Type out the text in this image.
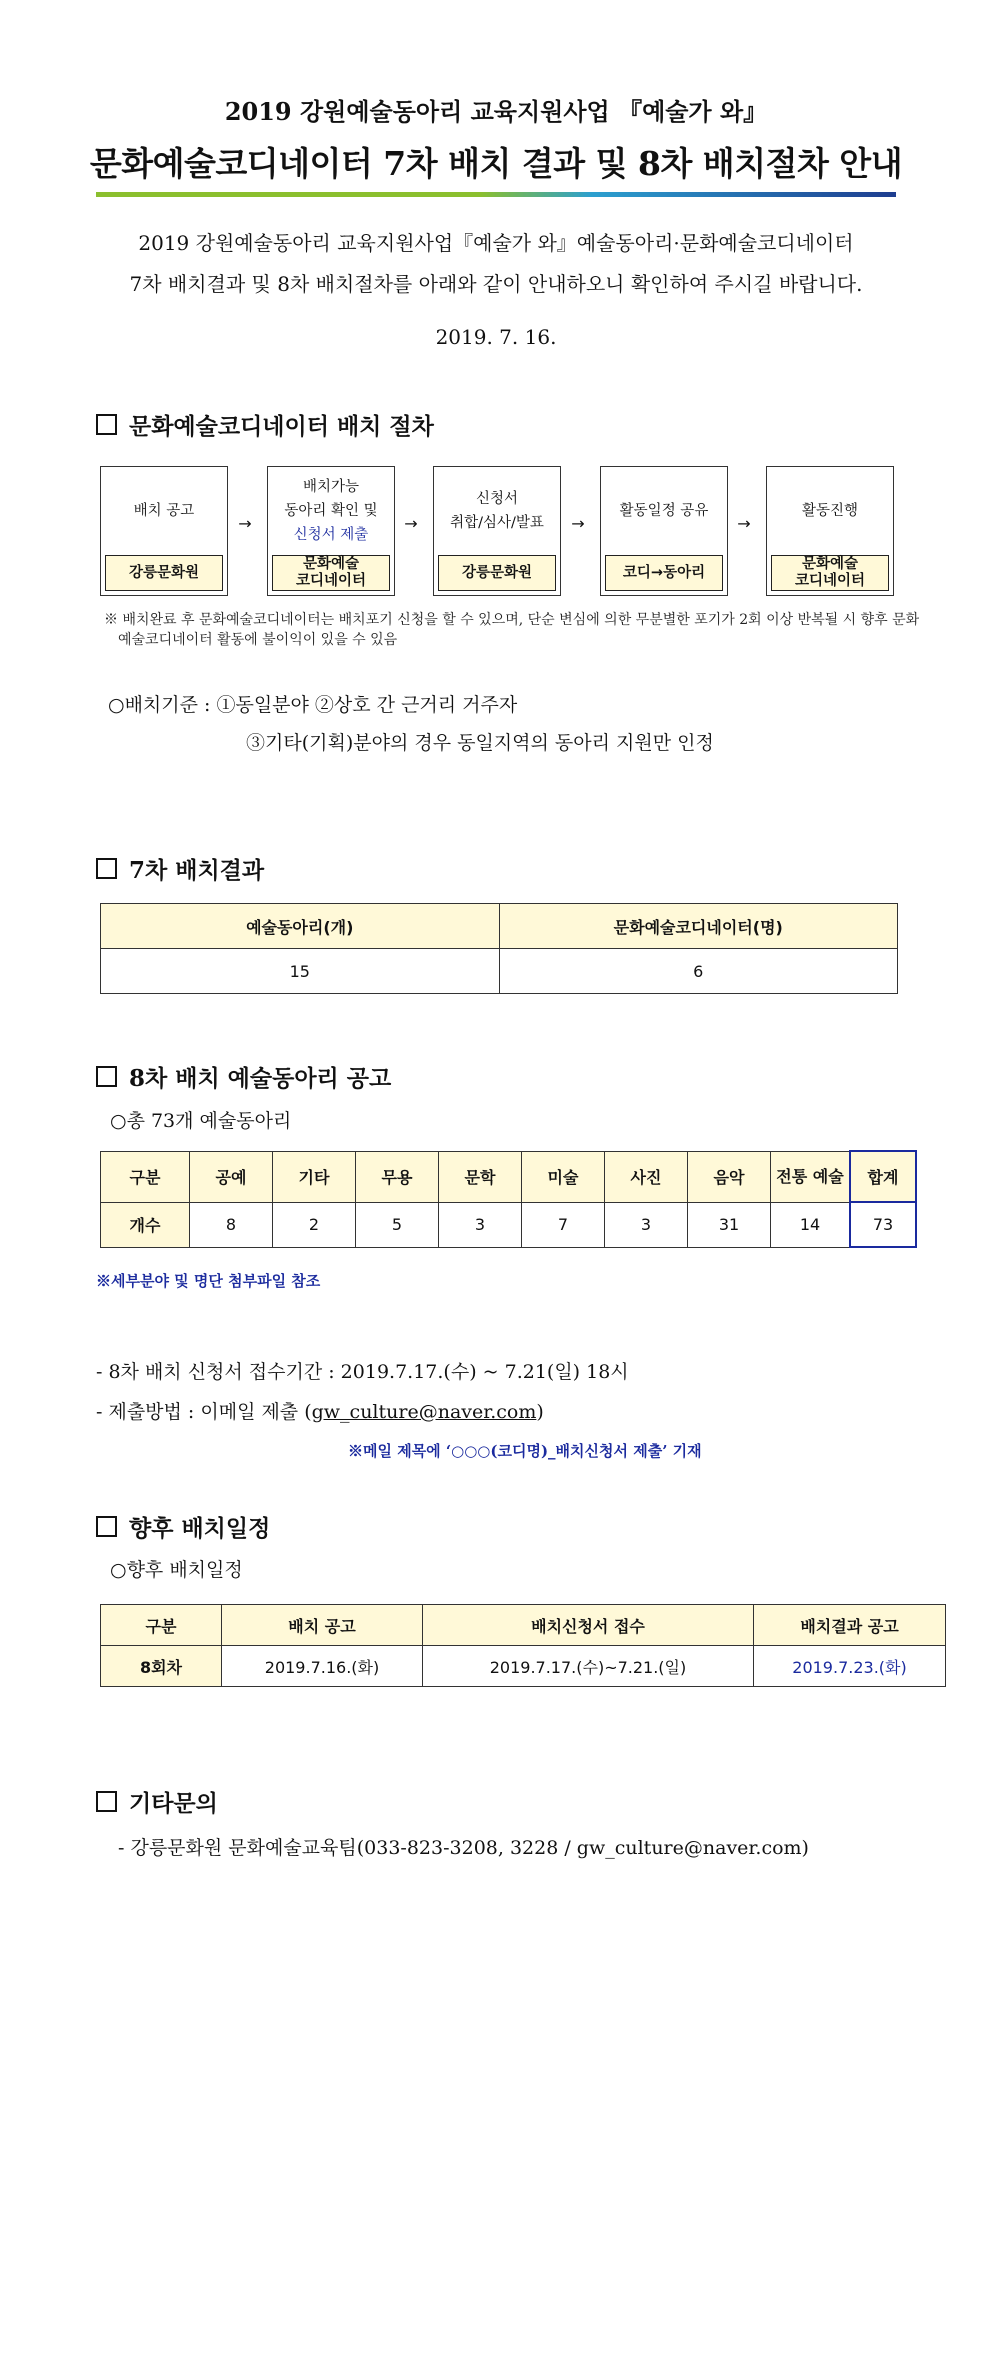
2019 강원예술동아리 교육지원사업 『예술가 와』
문화예술코디네이터 7차 배치 결과 및 8차 배치절차 안내
2019 강원예술동아리 교육지원사업『예술가 와』예술동아리·문화예술코디네이터
7차 배치결과 및 8차 배치절차를 아래와 같이 안내하오니 확인하여 주시길 바랍니다.
2019. 7. 16.
문화예술코디네이터 배치 절차
배치 공고
강릉문화원
→
배치가능
동아리 확인 및
신청서 제출
문화예술
코디네이터
→
신청서
취합/심사/발표
강릉문화원
→
활동일정 공유
코디→동아리
→
활동진행
문화예술
코디네이터
※ 배치완료 후 문화예술코디네이터는 배치포기 신청을 할 수 있으며, 단순 변심에 의한 무분별한 포기가 2회 이상 반복될 시 향후 문화예술코디네이터 활동에 불이익이 있을 수 있음
○배치기준 : ①동일분야 ②상호 간 근거리 거주자
③기타(기획)분야의 경우 동일지역의 동아리 지원만 인정
7차 배치결과
예술동아리(개)	문화예술코디네이터(명)
15	6
8차 배치 예술동아리 공고
○총 73개 예술동아리
구분	공예	기타	무용	문학	미술	사진	음악	전통 예술	합계
개수	8	2	5	3	7	3	31	14	73
※세부분야 및 명단 첨부파일 참조
- 8차 배치 신청서 접수기간 : 2019.7.17.(수) ~ 7.21(일) 18시
- 제출방법 : 이메일 제출 (gw_culture@naver.com)
※메일 제목에 ‘○○○(코디명)_배치신청서 제출’ 기재
향후 배치일정
○향후 배치일정
구분	배치 공고	배치신청서 접수	배치결과 공고
8회차	2019.7.16.(화)	2019.7.17.(수)~7.21.(일)	2019.7.23.(화)
기타문의
- 강릉문화원 문화예술교육팀(033-823-3208, 3228 / gw_culture@naver.com)
